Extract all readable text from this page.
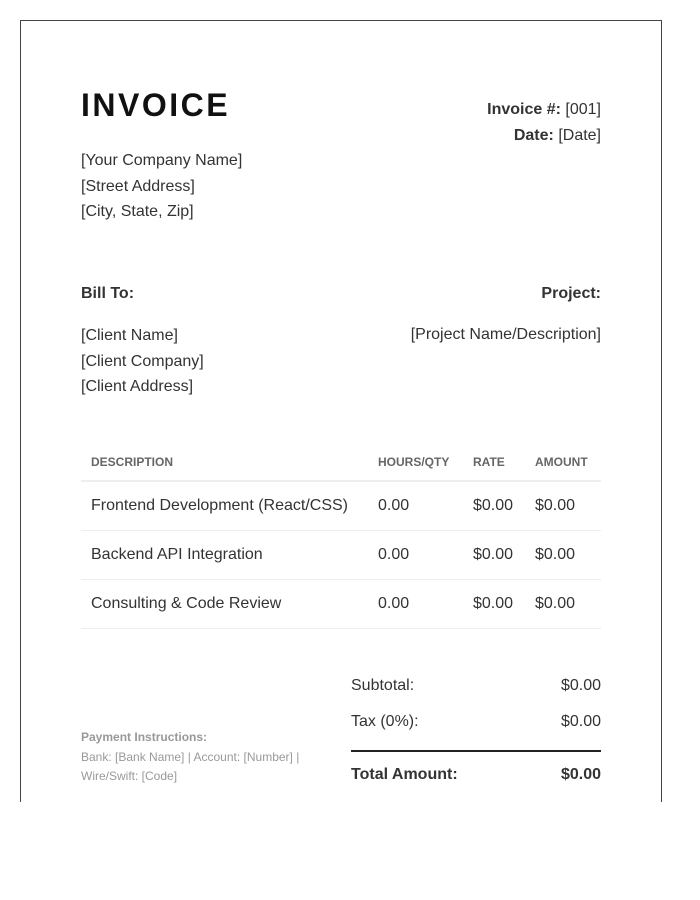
INVOICE	Invoice #: [001]
Date: [Date]
[Your Company Name]
[Street Address]
[City, State, Zip]
Bill To:	Project:
[Client Name]
[Client Company]
[Client Address]
[Project Name/Description]
DESCRIPTION	HOURS/QTY	RATE	AMOUNT
Frontend Development (React/CSS)	0.00	$0.00	$0.00
Backend API Integration	0.00	$0.00	$0.00
Consulting & Code Review	0.00	$0.00	$0.00
Payment Instructions:
Bank: [Bank Name] | Account: [Number] |
Wire/Swift: [Code]
Subtotal:	$0.00
Tax (0%):	$0.00
Total Amount:	$0.00
